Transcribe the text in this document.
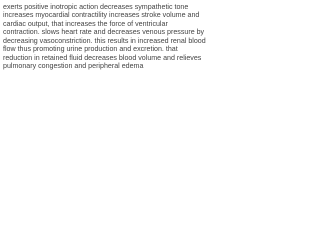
exerts positive inotropic action decreases sympathetic tone
increases myocardial contractility increases stroke volume and
cardiac output, that increases the force of ventricular
contraction. slows heart rate and decreases venous pressure by
decreasing vasoconstriction. this results in increased renal blood
flow thus promoting urine production and excretion. that
reduction in retained fluid decreases blood volume and relieves
pulmonary congestion and peripheral edema
